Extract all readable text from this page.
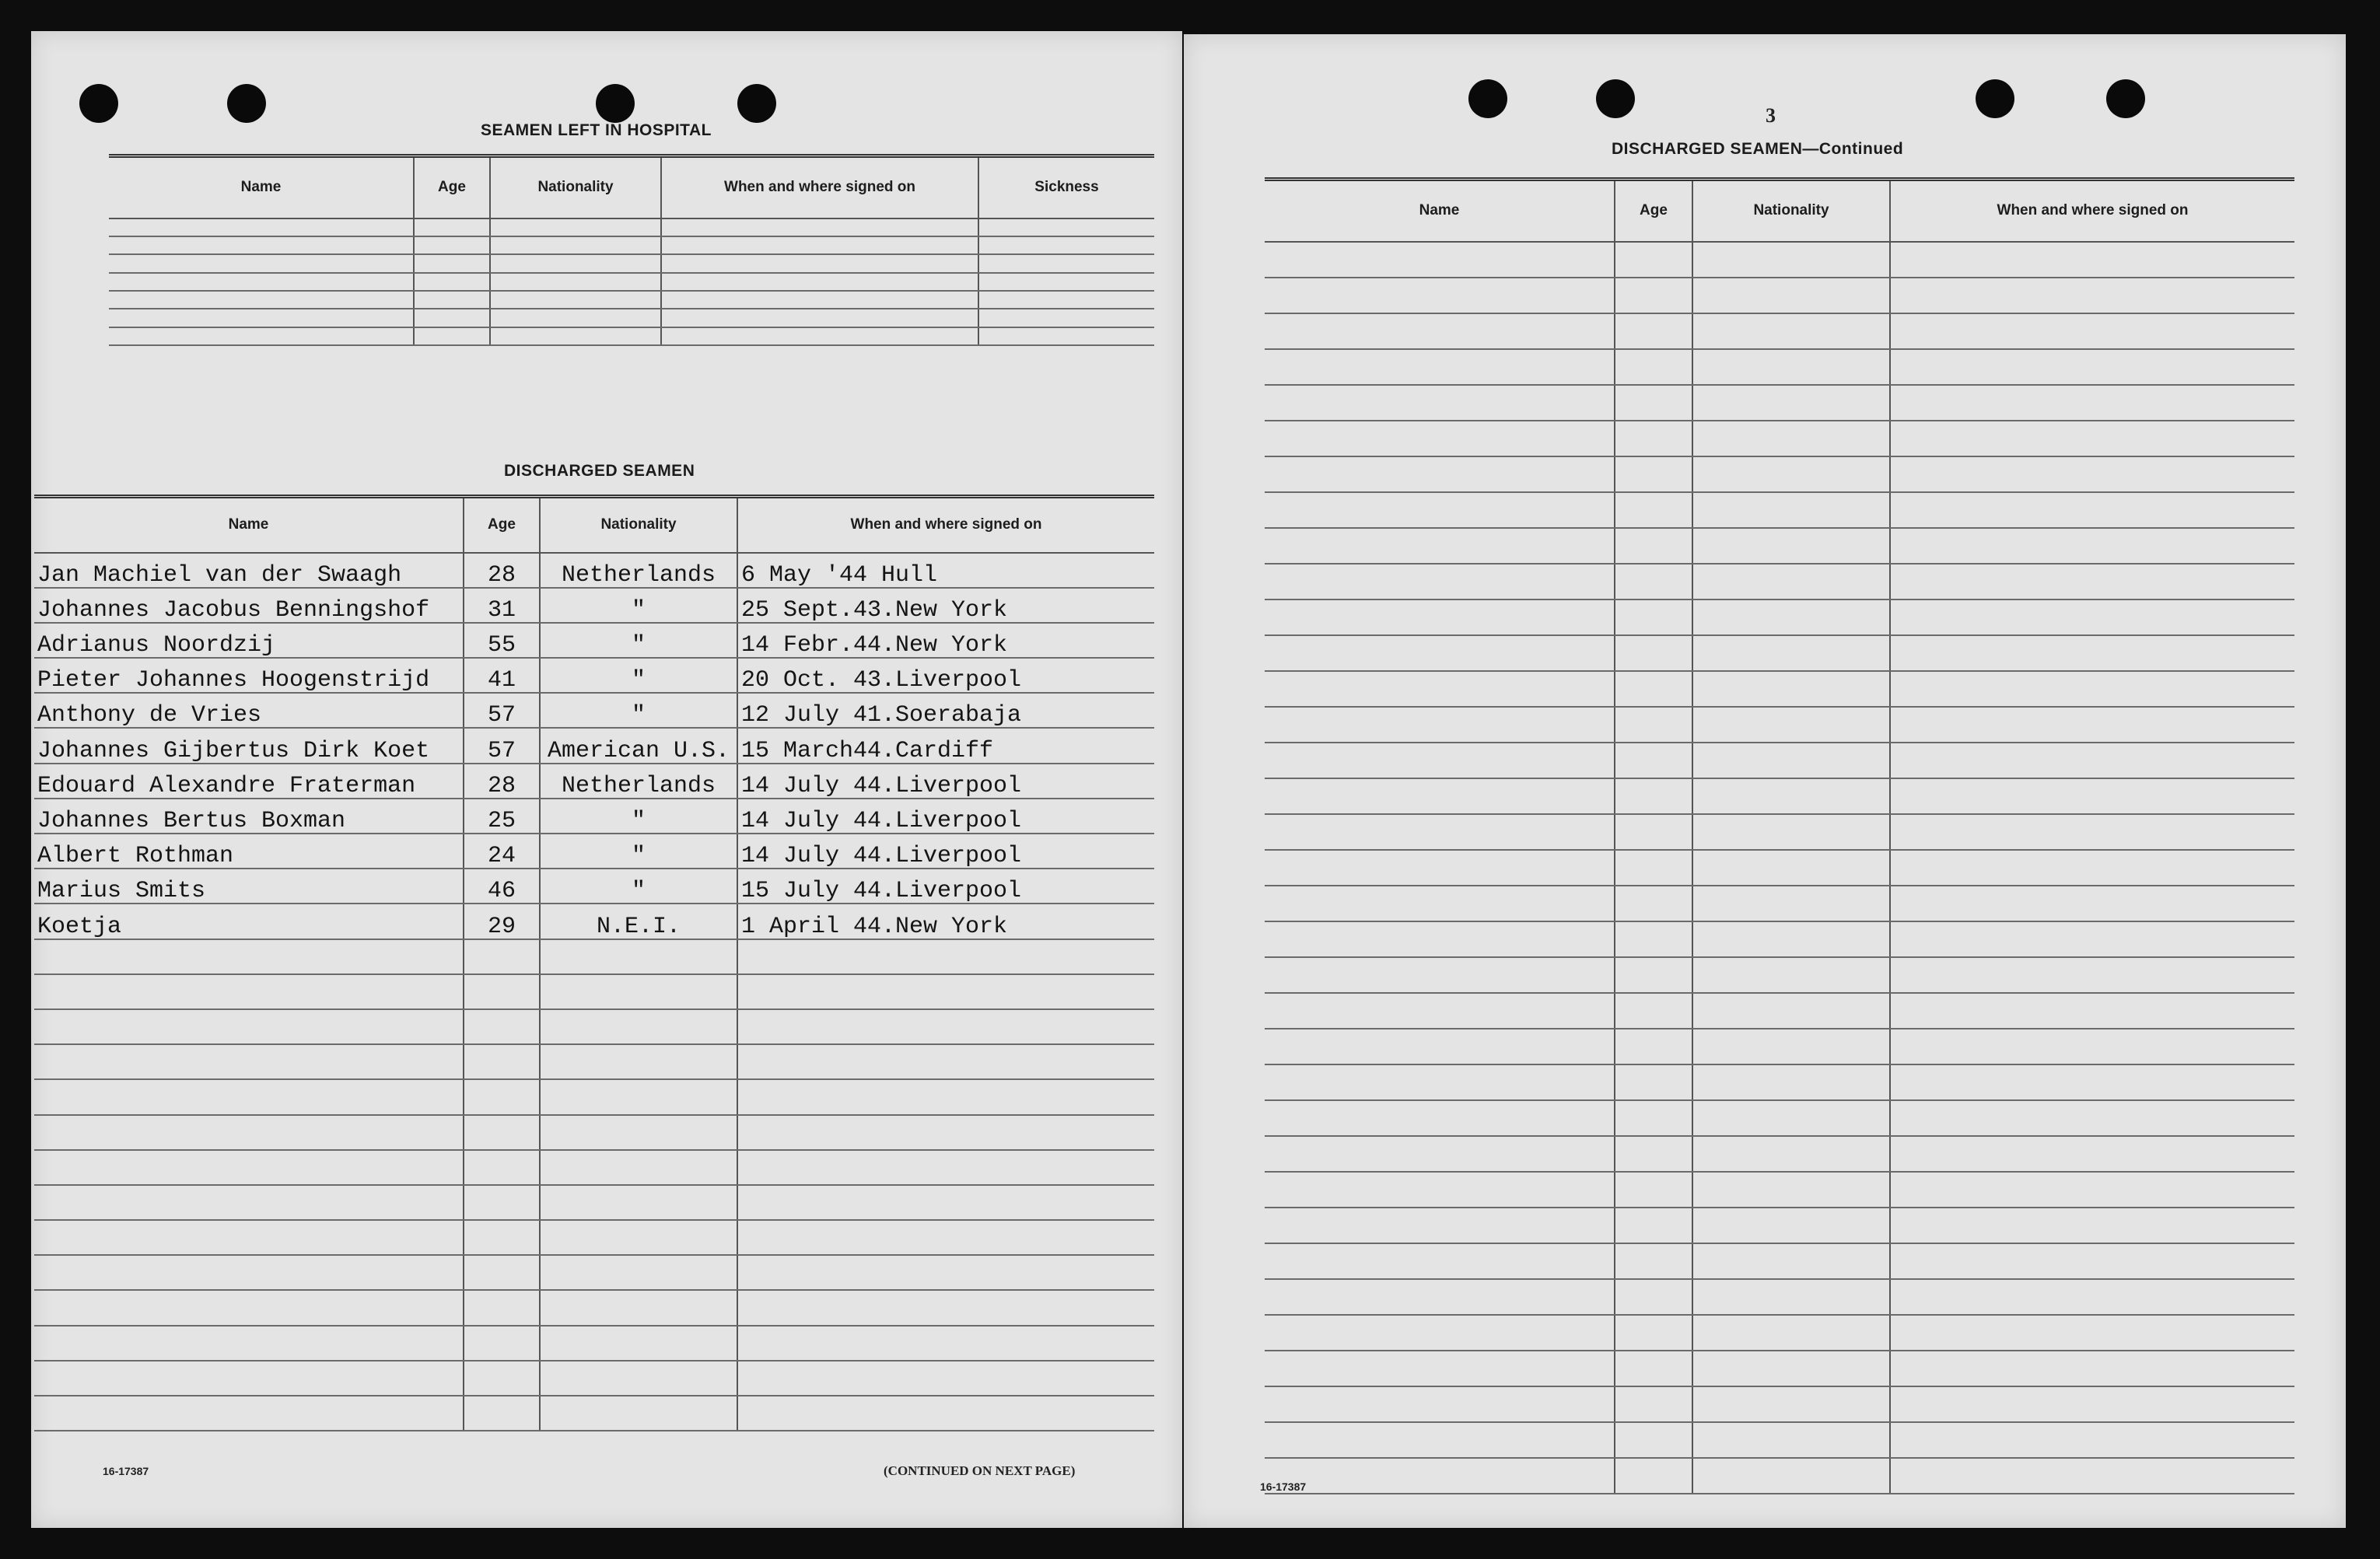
SEAMEN LEFT IN HOSPITAL
Name	Age	Nationality	When and where signed on	Sickness

DISCHARGED SEAMEN
Name	Age	Nationality	When and where signed on
Jan Machiel van der Swaagh	28	Netherlands	6 May '44 Hull
Johannes Jacobus Benningshof	31	"	25 Sept.43.New York
Adrianus Noordzij	55	"	14 Febr.44.New York
Pieter Johannes Hoogenstrijd	41	"	20 Oct. 43.Liverpool
Anthony de Vries	57	"	12 July 41.Soerabaja
Johannes Gijbertus Dirk Koet	57	American U.S.	15 March44.Cardiff
Edouard Alexandre Fraterman	28	Netherlands	14 July 44.Liverpool
Johannes Bertus Boxman	25	"	14 July 44.Liverpool
Albert Rothman	24	"	14 July 44.Liverpool
Marius Smits	46	"	15 July 44.Liverpool
Koetja	29	N.E.I.	1 April 44.New York

16-17387	(CONTINUED ON NEXT PAGE)
3
DISCHARGED SEAMEN—Continued
Name	Age	Nationality	When and where signed on

16-17387
